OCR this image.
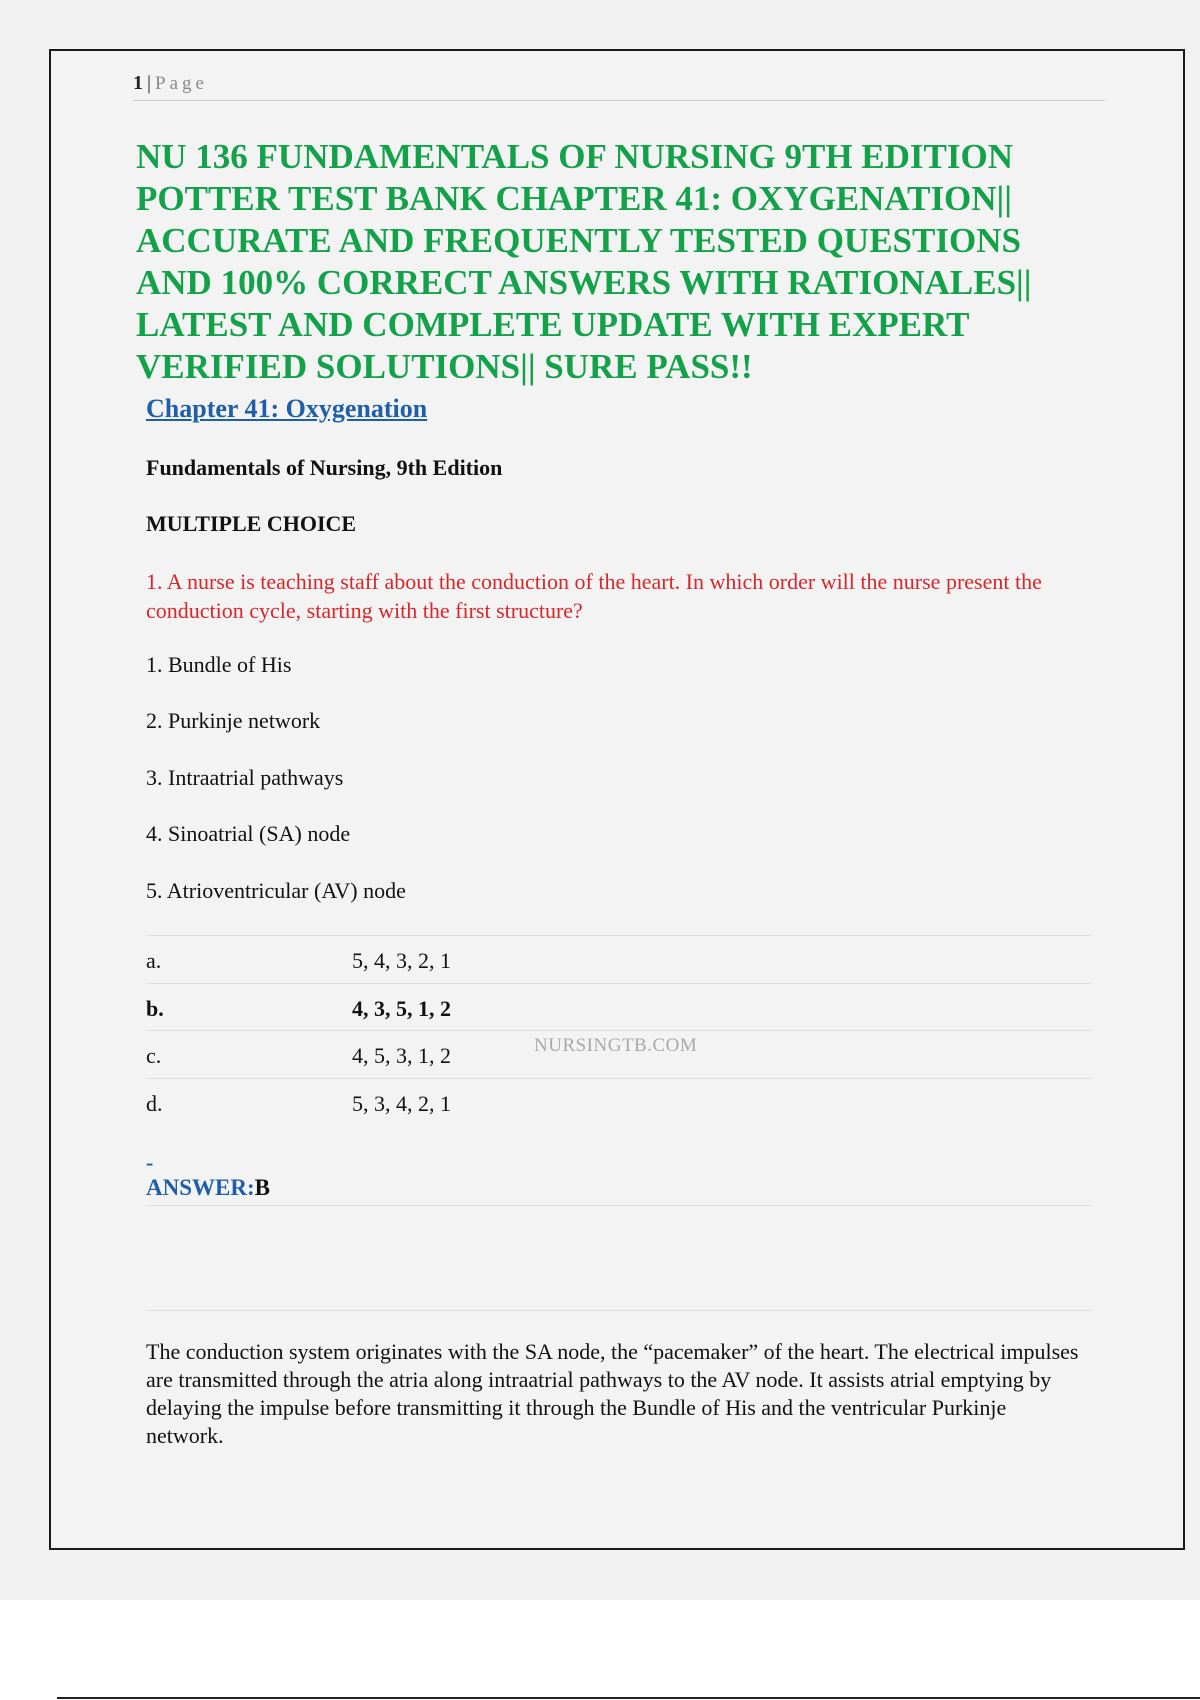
1 | Page
NU 136 FUNDAMENTALS OF NURSING 9TH EDITION POTTER TEST BANK CHAPTER 41: OXYGENATION|| ACCURATE AND FREQUENTLY TESTED QUESTIONS AND 100% CORRECT ANSWERS WITH RATIONALES|| LATEST AND COMPLETE UPDATE WITH EXPERT VERIFIED SOLUTIONS|| SURE PASS!!
Chapter 41: Oxygenation
Fundamentals of Nursing, 9th Edition
MULTIPLE CHOICE
1. A nurse is teaching staff about the conduction of the heart. In which order will the nurse present the conduction cycle, starting with the first structure?
1. Bundle of His
2. Purkinje network
3. Intraatrial pathways
4. Sinoatrial (SA) node
5. Atrioventricular (AV) node
a.	5, 4, 3, 2, 1
b.	4, 3, 5, 1, 2
c.	4, 5, 3, 1, 2
d.	5, 3, 4, 2, 1
NURSINGTB.COM
-
ANSWER:B

The conduction system originates with the SA node, the “pacemaker” of the heart. The electrical impulses are transmitted through the atria along intraatrial pathways to the AV node. It assists atrial emptying by delaying the impulse before transmitting it through the Bundle of His and the ventricular Purkinje network.
